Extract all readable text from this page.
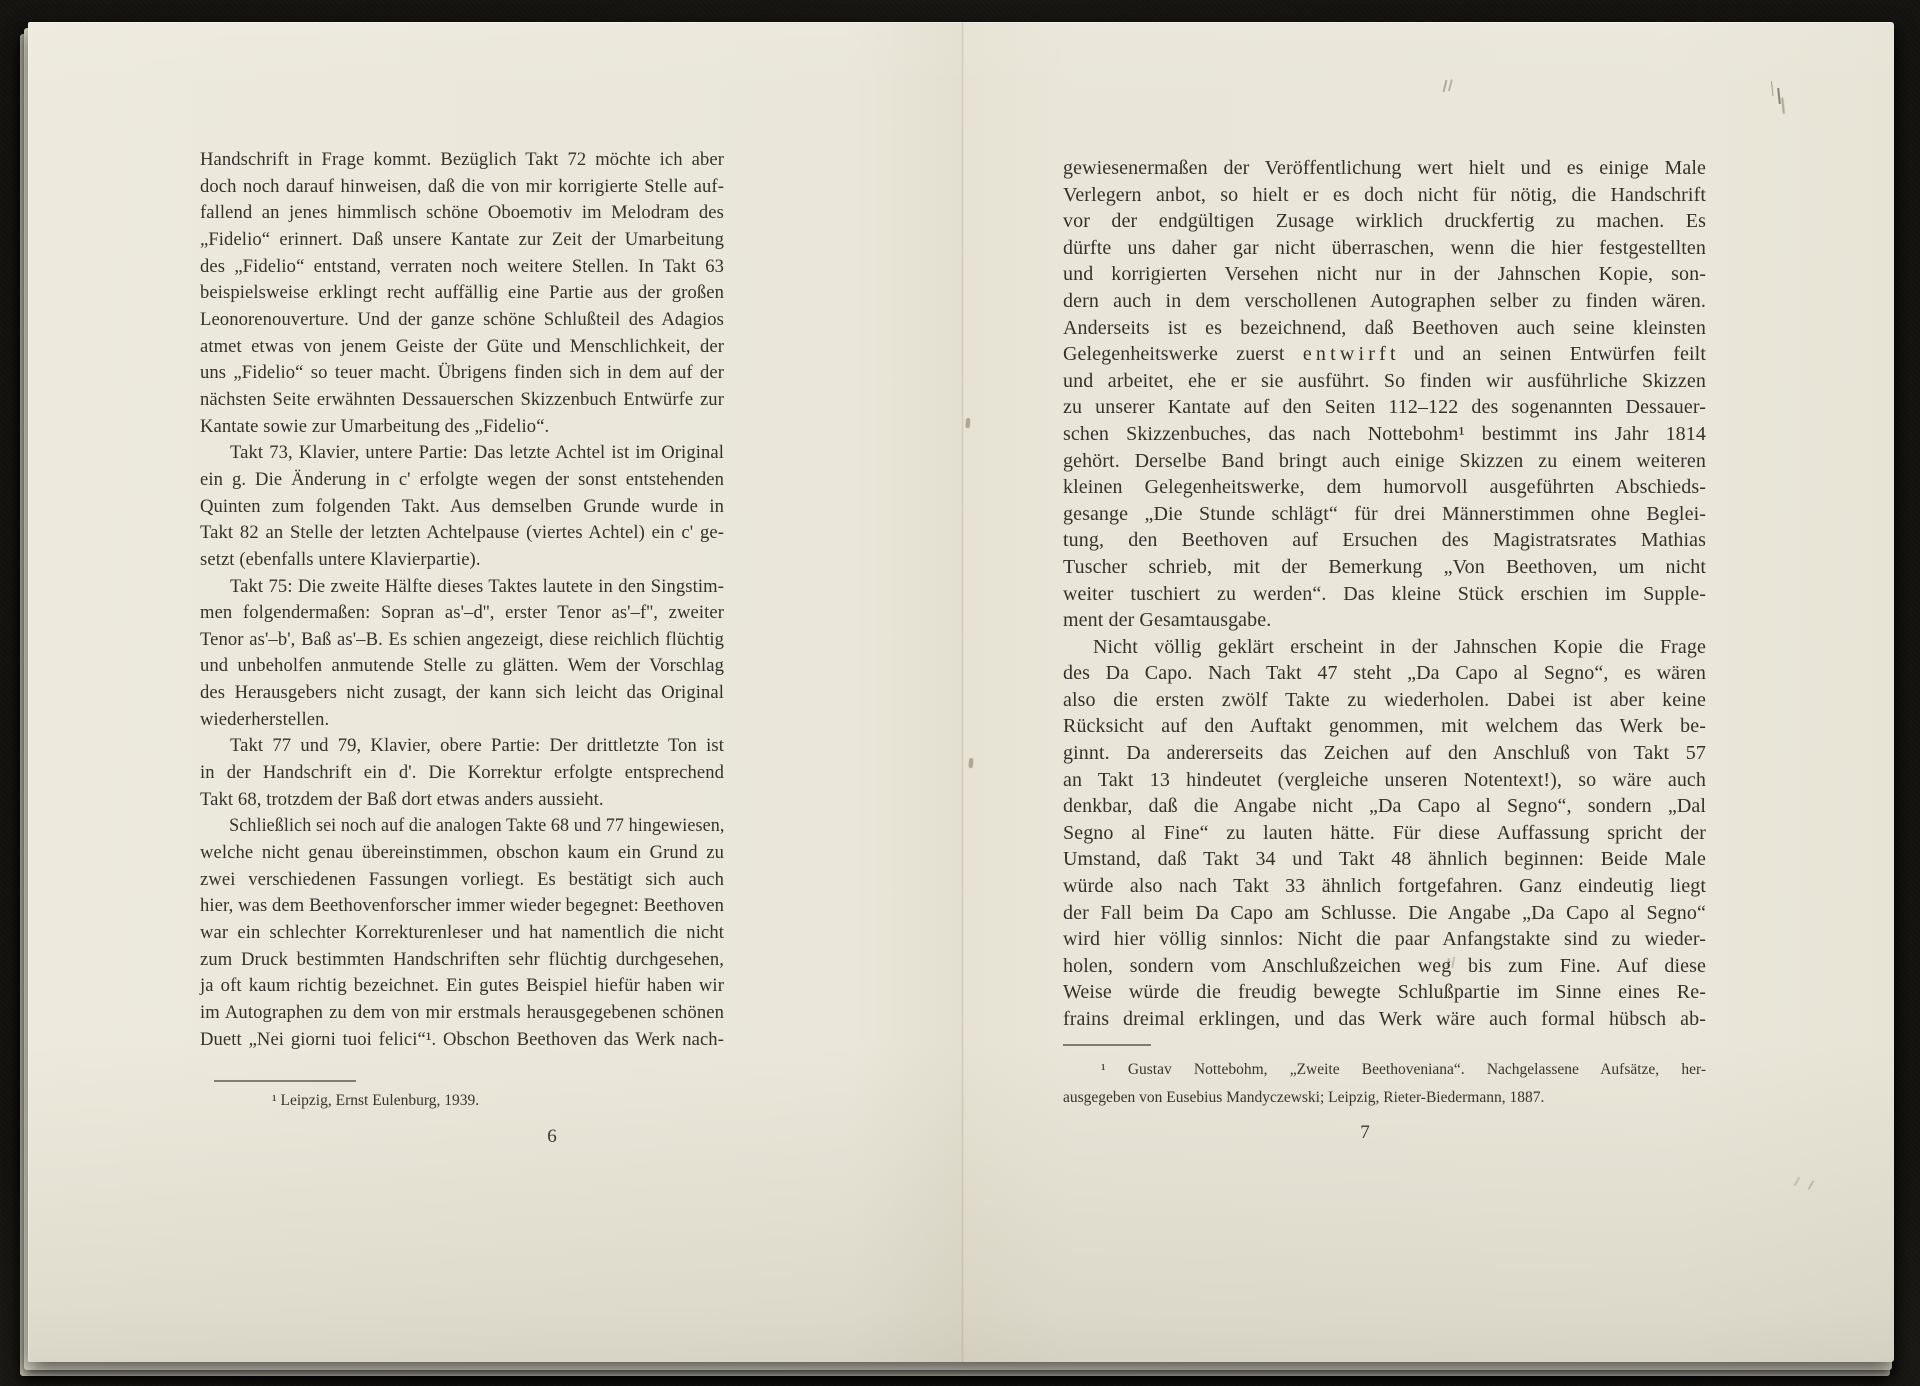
Handschrift in Frage kommt. Bezüglich Takt 72 möchte ich aber
doch noch darauf hinweisen, daß die von mir korrigierte Stelle auf-
fallend an jenes himmlisch schöne Oboemotiv im Melodram des
„Fidelio“ erinnert. Daß unsere Kantate zur Zeit der Umarbeitung
des „Fidelio“ entstand, verraten noch weitere Stellen. In Takt 63
beispielsweise erklingt recht auffällig eine Partie aus der großen
Leonorenouverture. Und der ganze schöne Schlußteil des Adagios
atmet etwas von jenem Geiste der Güte und Menschlichkeit, der
uns „Fidelio“ so teuer macht. Übrigens finden sich in dem auf der
nächsten Seite erwähnten Dessauerschen Skizzenbuch Entwürfe zur
Kantate sowie zur Umarbeitung des „Fidelio“.
Takt 73, Klavier, untere Partie: Das letzte Achtel ist im Original
ein g. Die Änderung in c' erfolgte wegen der sonst entstehenden
Quinten zum folgenden Takt. Aus demselben Grunde wurde in
Takt 82 an Stelle der letzten Achtelpause (viertes Achtel) ein c' ge-
setzt (ebenfalls untere Klavierpartie).
Takt 75: Die zweite Hälfte dieses Taktes lautete in den Singstim-
men folgendermaßen: Sopran as'–d'', erster Tenor as'–f'', zweiter
Tenor as'–b', Baß as'–B. Es schien angezeigt, diese reichlich flüchtig
und unbeholfen anmutende Stelle zu glätten. Wem der Vorschlag
des Herausgebers nicht zusagt, der kann sich leicht das Original
wiederherstellen.
Takt 77 und 79, Klavier, obere Partie: Der drittletzte Ton ist
in der Handschrift ein d'. Die Korrektur erfolgte entsprechend
Takt 68, trotzdem der Baß dort etwas anders aussieht.
Schließlich sei noch auf die analogen Takte 68 und 77 hingewiesen,
welche nicht genau übereinstimmen, obschon kaum ein Grund zu
zwei verschiedenen Fassungen vorliegt. Es bestätigt sich auch
hier, was dem Beethovenforscher immer wieder begegnet: Beethoven
war ein schlechter Korrekturenleser und hat namentlich die nicht
zum Druck bestimmten Handschriften sehr flüchtig durchgesehen,
ja oft kaum richtig bezeichnet. Ein gutes Beispiel hiefür haben wir
im Autographen zu dem von mir erstmals herausgegebenen schönen
Duett „Nei giorni tuoi felici“¹. Obschon Beethoven das Werk nach-
¹ Leipzig, Ernst Eulenburg, 1939.
6
gewiesenermaßen der Veröffentlichung wert hielt und es einige Male
Verlegern anbot, so hielt er es doch nicht für nötig, die Handschrift
vor der endgültigen Zusage wirklich druckfertig zu machen. Es
dürfte uns daher gar nicht überraschen, wenn die hier festgestellten
und korrigierten Versehen nicht nur in der Jahnschen Kopie, son-
dern auch in dem verschollenen Autographen selber zu finden wären.
Anderseits ist es bezeichnend, daß Beethoven auch seine kleinsten
Gelegenheitswerke zuerst e n t w i r f t und an seinen Entwürfen feilt
und arbeitet, ehe er sie ausführt. So finden wir ausführliche Skizzen
zu unserer Kantate auf den Seiten 112–122 des sogenannten Dessauer-
schen Skizzenbuches, das nach Nottebohm¹ bestimmt ins Jahr 1814
gehört. Derselbe Band bringt auch einige Skizzen zu einem weiteren
kleinen Gelegenheitswerke, dem humorvoll ausgeführten Abschieds-
gesange „Die Stunde schlägt“ für drei Männerstimmen ohne Beglei-
tung, den Beethoven auf Ersuchen des Magistratsrates Mathias
Tuscher schrieb, mit der Bemerkung „Von Beethoven, um nicht
weiter tuschiert zu werden“. Das kleine Stück erschien im Supple-
ment der Gesamtausgabe.
Nicht völlig geklärt erscheint in der Jahnschen Kopie die Frage
des Da Capo. Nach Takt 47 steht „Da Capo al Segno“, es wären
also die ersten zwölf Takte zu wiederholen. Dabei ist aber keine
Rücksicht auf den Auftakt genommen, mit welchem das Werk be-
ginnt. Da andererseits das Zeichen auf den Anschluß von Takt 57
an Takt 13 hindeutet (vergleiche unseren Notentext!), so wäre auch
denkbar, daß die Angabe nicht „Da Capo al Segno“, sondern „Dal
Segno al Fine“ zu lauten hätte. Für diese Auffassung spricht der
Umstand, daß Takt 34 und Takt 48 ähnlich beginnen: Beide Male
würde also nach Takt 33 ähnlich fortgefahren. Ganz eindeutig liegt
der Fall beim Da Capo am Schlusse. Die Angabe „Da Capo al Segno“
wird hier völlig sinnlos: Nicht die paar Anfangstakte sind zu wieder-
holen, sondern vom Anschlußzeichen weg bis zum Fine. Auf diese
Weise würde die freudig bewegte Schlußpartie im Sinne eines Re-
frains dreimal erklingen, und das Werk wäre auch formal hübsch ab-
¹ Gustav Nottebohm, „Zweite Beethoveniana“. Nachgelassene Aufsätze, her-
ausgegeben von Eusebius Mandyczewski; Leipzig, Rieter-Biedermann, 1887.
7
